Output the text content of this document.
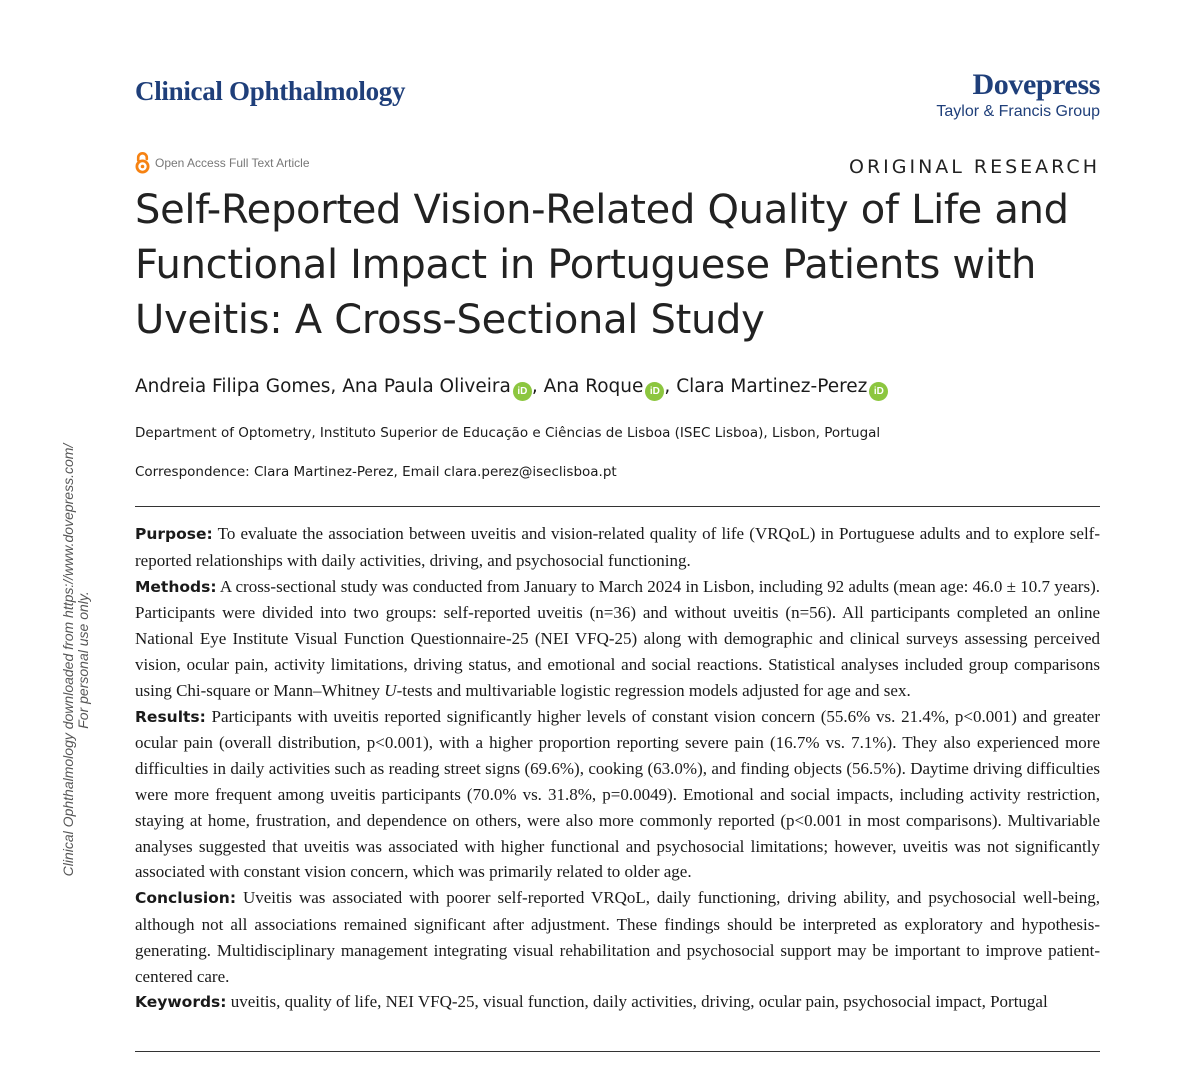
Clinical Ophthalmology downloaded from https://www.dovepress.com/ For personal use only.
Clinical Ophthalmology	Dovepress
Taylor & Francis Group
Open Access Full Text Article	ORIGINAL RESEARCH
Self-Reported Vision-Related Quality of Life and Functional Impact in Portuguese Patients with Uveitis: A Cross-Sectional Study
Andreia Filipa Gomes, Ana Paula Oliveira iD , Ana Roque iD , Clara Martinez-Perez iD
Department of Optometry, Instituto Superior de Educação e Ciências de Lisboa (ISEC Lisboa), Lisbon, Portugal
Correspondence: Clara Martinez-Perez, Email clara.perez@iseclisboa.pt

Purpose: To evaluate the association between uveitis and vision-related quality of life (VRQoL) in Portuguese adults and to explore self-reported relationships with daily activities, driving, and psychosocial functioning.

Methods: A cross-sectional study was conducted from January to March 2024 in Lisbon, including 92 adults (mean age: 46.0 ± 10.7 years). Participants were divided into two groups: self-reported uveitis (n=36) and without uveitis (n=56). All participants completed an online National Eye Institute Visual Function Questionnaire-25 (NEI VFQ-25) along with demographic and clinical surveys assessing perceived vision, ocular pain, activity limitations, driving status, and emotional and social reactions. Statistical analyses included group comparisons using Chi-square or Mann–Whitney U-tests and multivariable logistic regression models adjusted for age and sex.

Results: Participants with uveitis reported significantly higher levels of constant vision concern (55.6% vs. 21.4%, p<0.001) and greater ocular pain (overall distribution, p<0.001), with a higher proportion reporting severe pain (16.7% vs. 7.1%). They also experienced more difficulties in daily activities such as reading street signs (69.6%), cooking (63.0%), and finding objects (56.5%). Daytime driving difficulties were more frequent among uveitis participants (70.0% vs. 31.8%, p=0.0049). Emotional and social impacts, including activity restriction, staying at home, frustration, and dependence on others, were also more commonly reported (p<0.001 in most comparisons). Multivariable analyses suggested that uveitis was associated with higher functional and psychosocial limitations; however, uveitis was not significantly associated with constant vision concern, which was primarily related to older age.

Conclusion: Uveitis was associated with poorer self-reported VRQoL, daily functioning, driving ability, and psychosocial well-being, although not all associations remained significant after adjustment. These findings should be interpreted as exploratory and hypothesis-generating. Multidisciplinary management integrating visual rehabilitation and psychosocial support may be important to improve patient-centered care.

Keywords: uveitis, quality of life, NEI VFQ-25, visual function, daily activities, driving, ocular pain, psychosocial impact, Portugal
